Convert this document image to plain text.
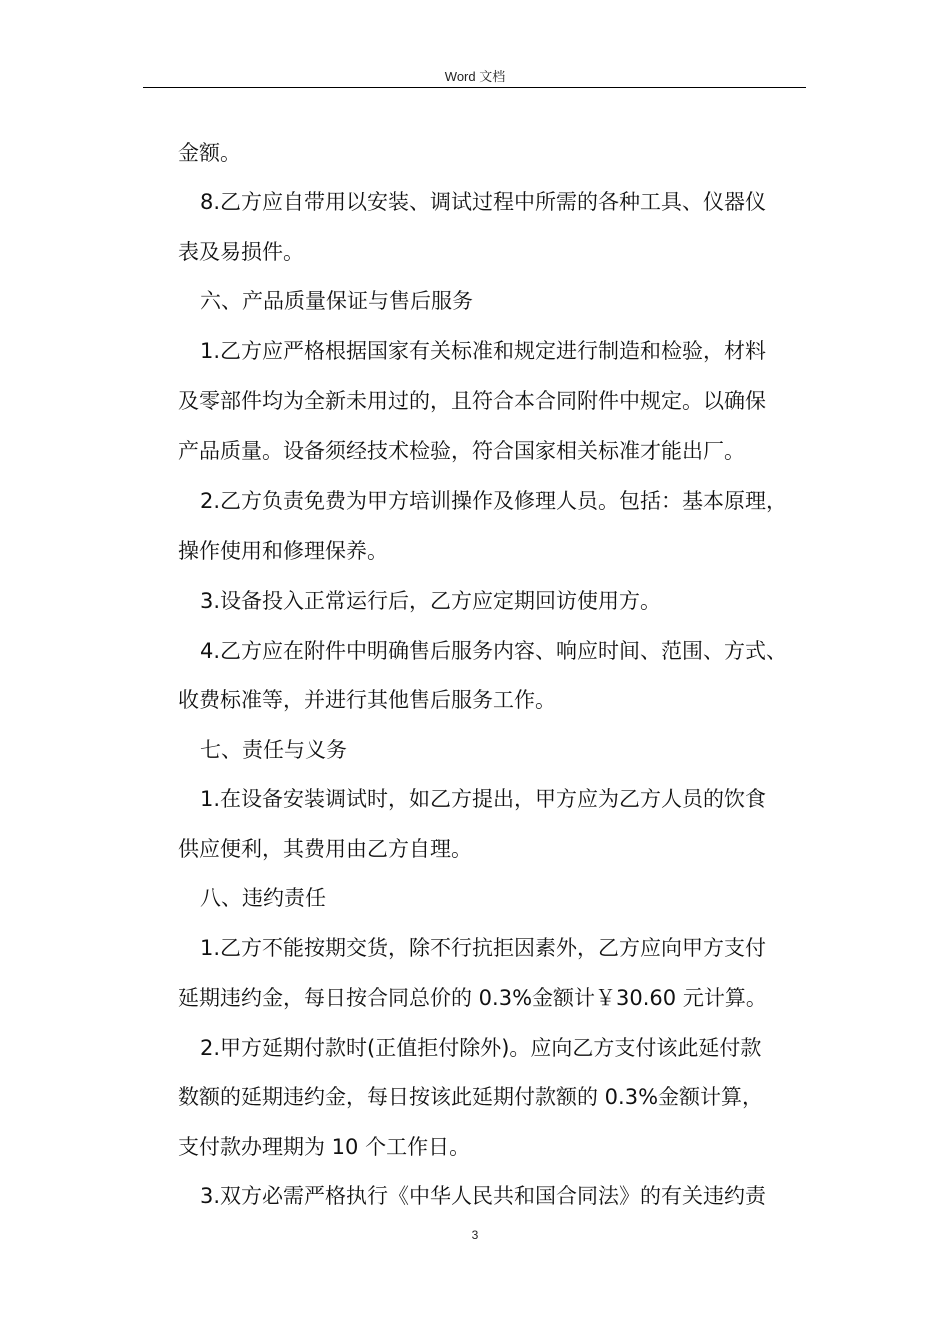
Word 文档
金额。
8.乙方应自带用以安装、调试过程中所需的各种工具、仪器仪
表及易损件。
六、产品质量保证与售后服务
1.乙方应严格根据国家有关标准和规定进行制造和检验，材料
及零部件均为全新未用过的，且符合本合同附件中规定。以确保
产品质量。设备须经技术检验，符合国家相关标准才能出厂。
2.乙方负责免费为甲方培训操作及修理人员。包括：基本原理，
操作使用和修理保养。
3.设备投入正常运行后，乙方应定期回访使用方。
4.乙方应在附件中明确售后服务内容、响应时间、范围、方式、
收费标准等，并进行其他售后服务工作。
七、责任与义务
1.在设备安装调试时，如乙方提出，甲方应为乙方人员的饮食
供应便利，其费用由乙方自理。
八、违约责任
1.乙方不能按期交货，除不行抗拒因素外，乙方应向甲方支付
延期违约金，每日按合同总价的 0.3%金额计￥30.60 元计算。
2.甲方延期付款时(正值拒付除外)。应向乙方支付该此延付款
数额的延期违约金，每日按该此延期付款额的 0.3%金额计算，
支付款办理期为 10 个工作日。
3.双方必需严格执行《中华人民共和国合同法》的有关违约责
3
